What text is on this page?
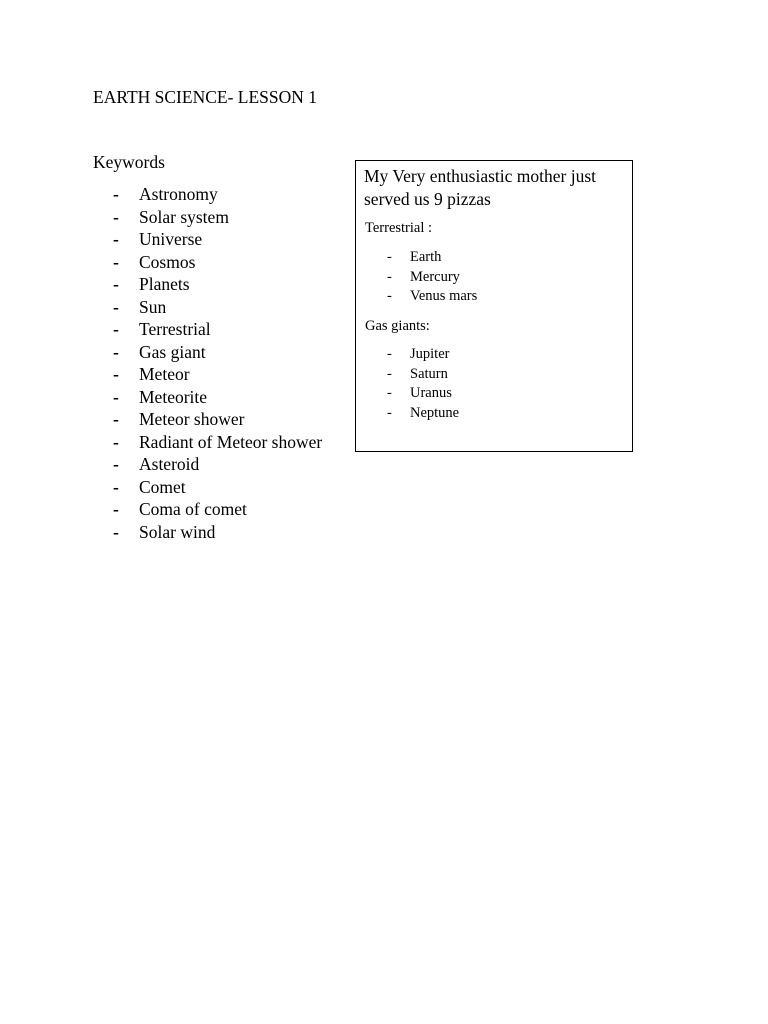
EARTH SCIENCE- LESSON 1
Keywords
- Astronomy
- Solar system
- Universe
- Cosmos
- Planets
- Sun
- Terrestrial
- Gas giant
- Meteor
- Meteorite
- Meteor shower
- Radiant of Meteor shower
- Asteroid
- Comet
- Coma of comet
- Solar wind
My Very enthusiastic mother just served us 9 pizzas
Terrestrial :
- Earth
- Mercury
- Venus mars
Gas giants:
- Jupiter
- Saturn
- Uranus
- Neptune
